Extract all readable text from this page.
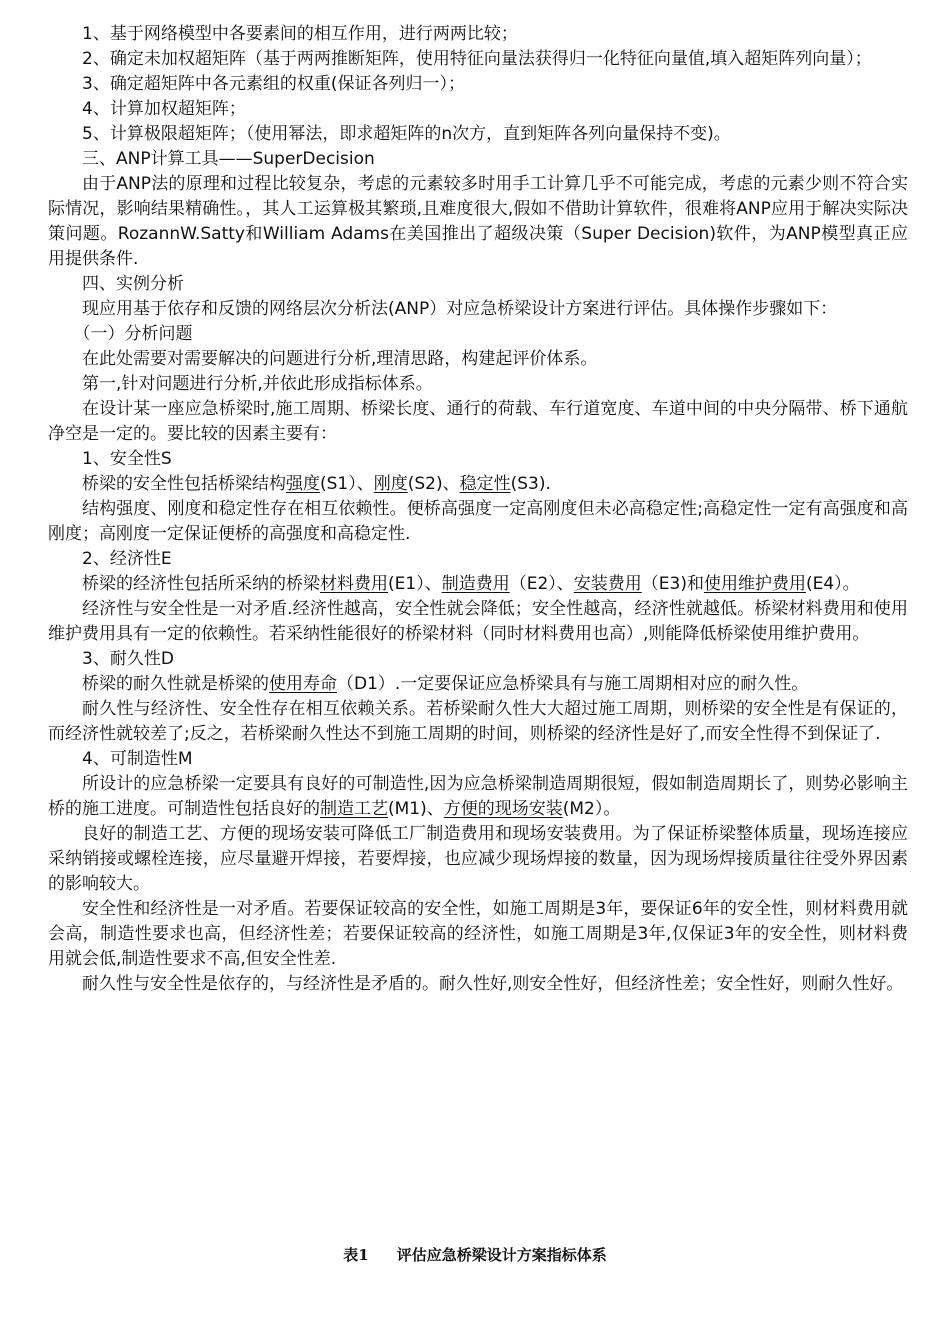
1、基于网络模型中各要素间的相互作用，进行两两比较；

2、确定未加权超矩阵（基于两两推断矩阵，使用特征向量法获得归一化特征向量值,填入超矩阵列向量）；

3、确定超矩阵中各元素组的权重(保证各列归一）；

4、计算加权超矩阵；

5、计算极限超矩阵；（使用幂法，即求超矩阵的n次方，直到矩阵各列向量保持不变)。

三、ANP计算工具——SuperDecision

由于ANP法的原理和过程比较复杂，考虑的元素较多时用手工计算几乎不可能完成，考虑的元素少则不符合实际情况，影响结果精确性。，其人工运算极其繁琐,且难度很大,假如不借助计算软件，很难将ANP应用于解决实际决策问题。RozannW.Satty和William Adams在美国推出了超级决策（Super Decision)软件，为ANP模型真正应用提供条件.

四、实例分析

现应用基于依存和反馈的网络层次分析法(ANP）对应急桥梁设计方案进行评估。具体操作步骤如下：

（一）分析问题

在此处需要对需要解决的问题进行分析,理清思路，构建起评价体系。

第一,针对问题进行分析,并依此形成指标体系。

在设计某一座应急桥梁时,施工周期、桥梁长度、通行的荷载、车行道宽度、车道中间的中央分隔带、桥下通航净空是一定的。要比较的因素主要有：

1、安全性S

桥梁的安全性包括桥梁结构强度(S1）、刚度(S2)、稳定性(S3).

结构强度、刚度和稳定性存在相互依赖性。便桥高强度一定高刚度但未必高稳定性;高稳定性一定有高强度和高刚度；高刚度一定保证便桥的高强度和高稳定性.

2、经济性E

桥梁的经济性包括所采纳的桥梁材料费用(E1）、制造费用（E2）、安装费用（E3)和使用维护费用(E4）。

经济性与安全性是一对矛盾.经济性越高，安全性就会降低；安全性越高，经济性就越低。桥梁材料费用和使用维护费用具有一定的依赖性。若采纳性能很好的桥梁材料（同时材料费用也高）,则能降低桥梁使用维护费用。

3、耐久性D

桥梁的耐久性就是桥梁的使用寿命（D1）.一定要保证应急桥梁具有与施工周期相对应的耐久性。

耐久性与经济性、安全性存在相互依赖关系。若桥梁耐久性大大超过施工周期，则桥梁的安全性是有保证的，而经济性就较差了;反之，若桥梁耐久性达不到施工周期的时间，则桥梁的经济性是好了,而安全性得不到保证了.

4、可制造性M

所设计的应急桥梁一定要具有良好的可制造性,因为应急桥梁制造周期很短，假如制造周期长了，则势必影响主桥的施工进度。可制造性包括良好的制造工艺(M1)、方便的现场安装(M2）。

良好的制造工艺、方便的现场安装可降低工厂制造费用和现场安装费用。为了保证桥梁整体质量，现场连接应采纳销接或螺栓连接，应尽量避开焊接，若要焊接，也应减少现场焊接的数量，因为现场焊接质量往往受外界因素的影响较大。

安全性和经济性是一对矛盾。若要保证较高的安全性，如施工周期是3年，要保证6年的安全性，则材料费用就会高，制造性要求也高，但经济性差；若要保证较高的经济性，如施工周期是3年,仅保证3年的安全性，则材料费用就会低,制造性要求不高,但安全性差.

耐久性与安全性是依存的，与经济性是矛盾的。耐久性好,则安全性好，但经济性差；安全性好，则耐久性好。

表1 评估应急桥梁设计方案指标体系
